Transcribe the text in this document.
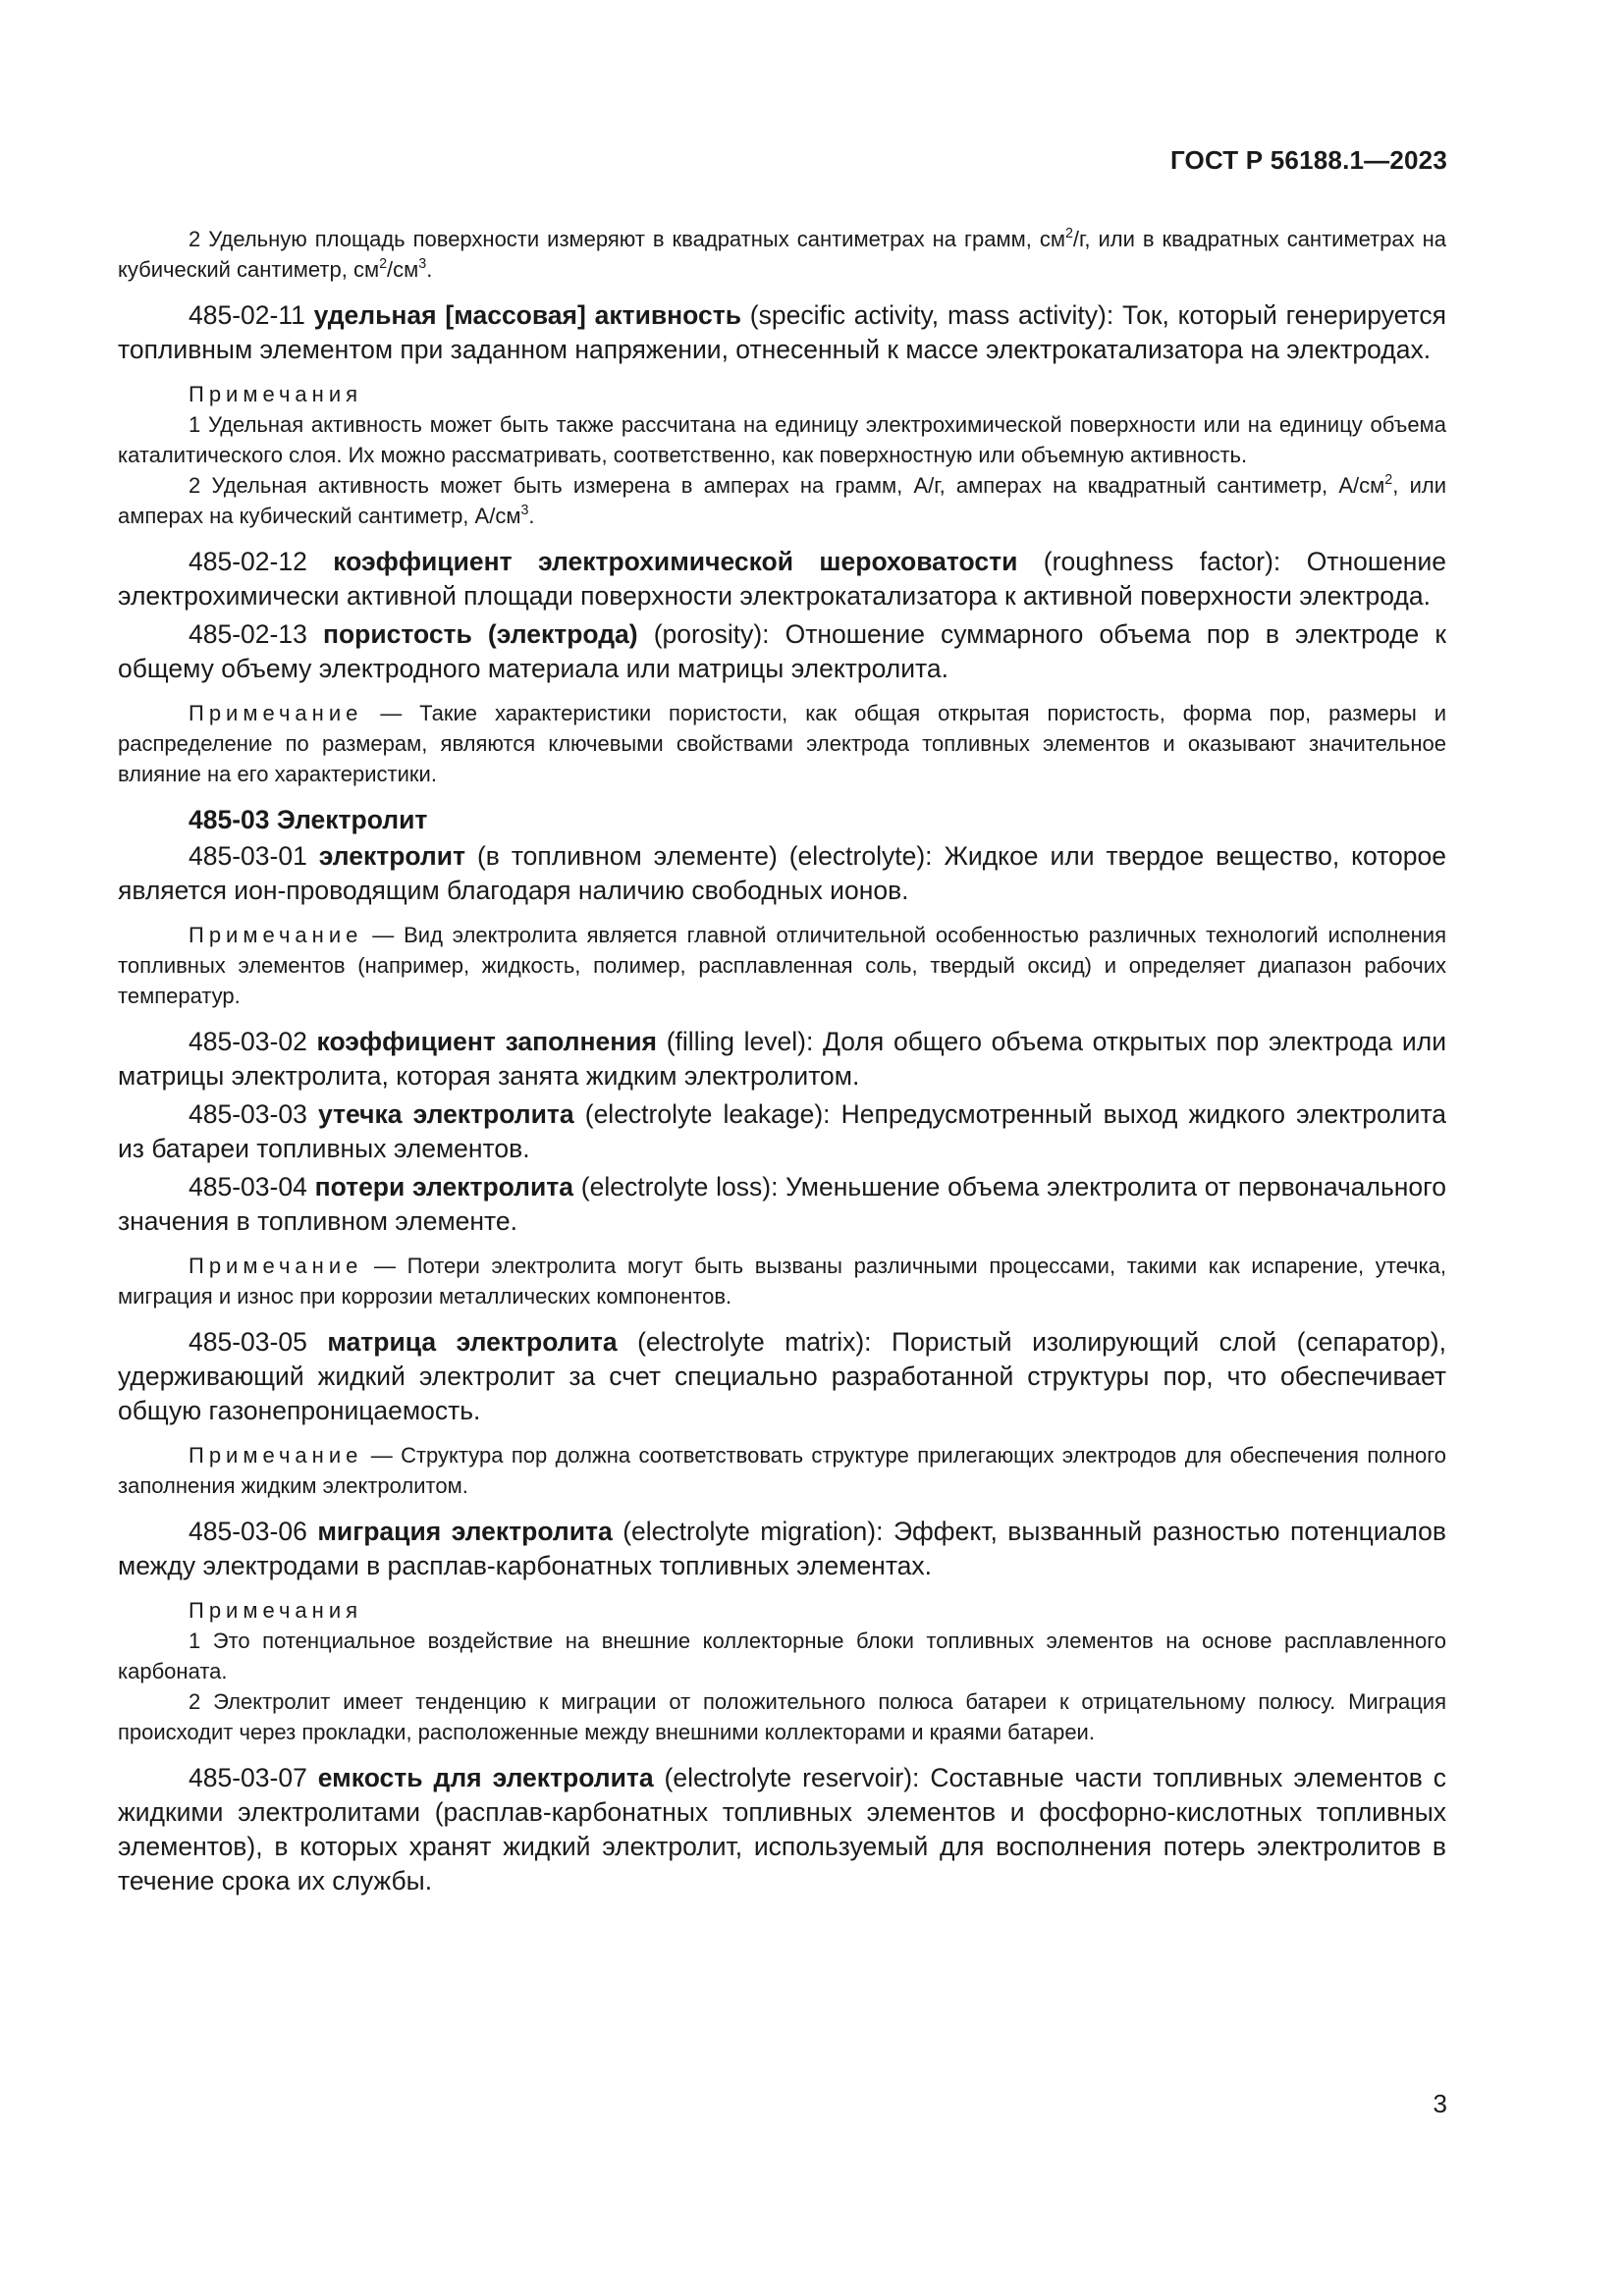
ГОСТ Р 56188.1—2023

2 Удельную площадь поверхности измеряют в квадратных сантиметрах на грамм, $см^2/г$, или в квадратных сантиметрах на кубический сантиметр, $см^2/см^3$.

485-02-11 удельная [массовая] активность (specific activity, mass activity): Ток, который генерируется топливным элементом при заданном напряжении, отнесенный к массе электрокатализатора на электродах.

Примечания

1 Удельная активность может быть также рассчитана на единицу электрохимической поверхности или на единицу объема каталитического слоя. Их можно рассматривать, соответственно, как поверхностную или объемную активность.

2 Удельная активность может быть измерена в амперах на грамм, А/г, амперах на квадратный сантиметр, $А/см^2$, или амперах на кубический сантиметр, $А/см^3$.

485-02-12 коэффициент электрохимической шероховатости (roughness factor): Отношение электрохимически активной площади поверхности электрокатализатора к активной поверхности электрода.

485-02-13 пористость (электрода) (porosity): Отношение суммарного объема пор в электроде к общему объему электродного материала или матрицы электролита.

Примечание — Такие характеристики пористости, как общая открытая пористость, форма пор, размеры и распределение по размерам, являются ключевыми свойствами электрода топливных элементов и оказывают значительное влияние на его характеристики.

485-03 Электролит

485-03-01 электролит (в топливном элементе) (electrolyte): Жидкое или твердое вещество, которое является ион-проводящим благодаря наличию свободных ионов.

Примечание — Вид электролита является главной отличительной особенностью различных технологий исполнения топливных элементов (например, жидкость, полимер, расплавленная соль, твердый оксид) и определяет диапазон рабочих температур.

485-03-02 коэффициент заполнения (filling level): Доля общего объема открытых пор электрода или матрицы электролита, которая занята жидким электролитом.

485-03-03 утечка электролита (electrolyte leakage): Непредусмотренный выход жидкого электролита из батареи топливных элементов.

485-03-04 потери электролита (electrolyte loss): Уменьшение объема электролита от первоначального значения в топливном элементе.

Примечание — Потери электролита могут быть вызваны различными процессами, такими как испарение, утечка, миграция и износ при коррозии металлических компонентов.

485-03-05 матрица электролита (electrolyte matrix): Пористый изолирующий слой (сепаратор), удерживающий жидкий электролит за счет специально разработанной структуры пор, что обеспечивает общую газонепроницаемость.

Примечание — Структура пор должна соответствовать структуре прилегающих электродов для обеспечения полного заполнения жидким электролитом.

485-03-06 миграция электролита (electrolyte migration): Эффект, вызванный разностью потенциалов между электродами в расплав-карбонатных топливных элементах.

Примечания

1 Это потенциальное воздействие на внешние коллекторные блоки топливных элементов на основе расплавленного карбоната.

2 Электролит имеет тенденцию к миграции от положительного полюса батареи к отрицательному полюсу. Миграция происходит через прокладки, расположенные между внешними коллекторами и краями батареи.

485-03-07 емкость для электролита (electrolyte reservoir): Составные части топливных элементов с жидкими электролитами (расплав-карбонатных топливных элементов и фосфорно-кислотных топливных элементов), в которых хранят жидкий электролит, используемый для восполнения потерь электролитов в течение срока их службы.

3
